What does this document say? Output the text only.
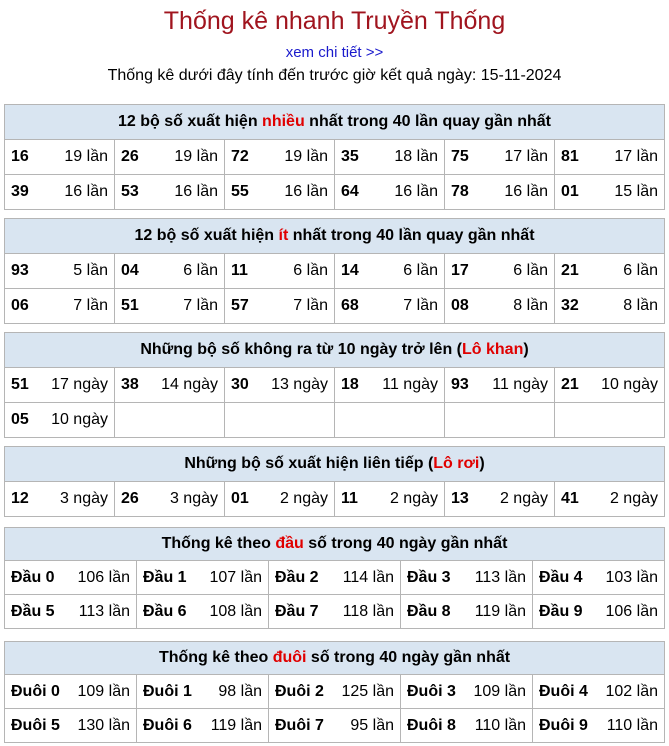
Thống kê nhanh Truyền Thống
xem chi tiết >>
Thống kê dưới đây tính đến trước giờ kết quả ngày: 15-11-2024
12 bộ số xuất hiện nhiều nhất trong 40 lần quay gần nhất					
16 19 lần	26 19 lần	72 19 lần	35 18 lần	75 17 lần	81 17 lần

39 16 lần	53 16 lần	55 16 lần	64 16 lần	78 16 lần	01 15 lần
12 bộ số xuất hiện ít nhất trong 40 lần quay gần nhất					
93 5 lần	04 6 lần	11 6 lần	14 6 lần	17 6 lần	21 6 lần

06 7 lần	51 7 lần	57 7 lần	68 7 lần	08 8 lần	32 8 lần
Những bộ số không ra từ 10 ngày trở lên (Lô khan)					
51 17 ngày	38 14 ngày	30 13 ngày	18 11 ngày	93 11 ngày	21 10 ngày

05 10 ngày					

Những bộ số xuất hiện liên tiếp (Lô rơi)
12 3 ngày	26 3 ngày	01 2 ngày	11 2 ngày	13 2 ngày	41 2 ngày
Thống kê theo đầu số trong 40 ngày gần nhất				
Đầu 0 106 lần	Đầu 1 107 lần	Đầu 2 114 lần	Đầu 3 113 lần	Đầu 4 103 lần

Đầu 5 113 lần	Đầu 6 108 lần	Đầu 7 118 lần	Đầu 8 119 lần	Đầu 9 106 lần
Thống kê theo đuôi số trong 40 ngày gần nhất				
Đuôi 0 109 lần	Đuôi 1 98 lần	Đuôi 2 125 lần	Đuôi 3 109 lần	Đuôi 4 102 lần

Đuôi 5 130 lần	Đuôi 6 119 lần	Đuôi 7 95 lần	Đuôi 8 110 lần	Đuôi 9 110 lần
